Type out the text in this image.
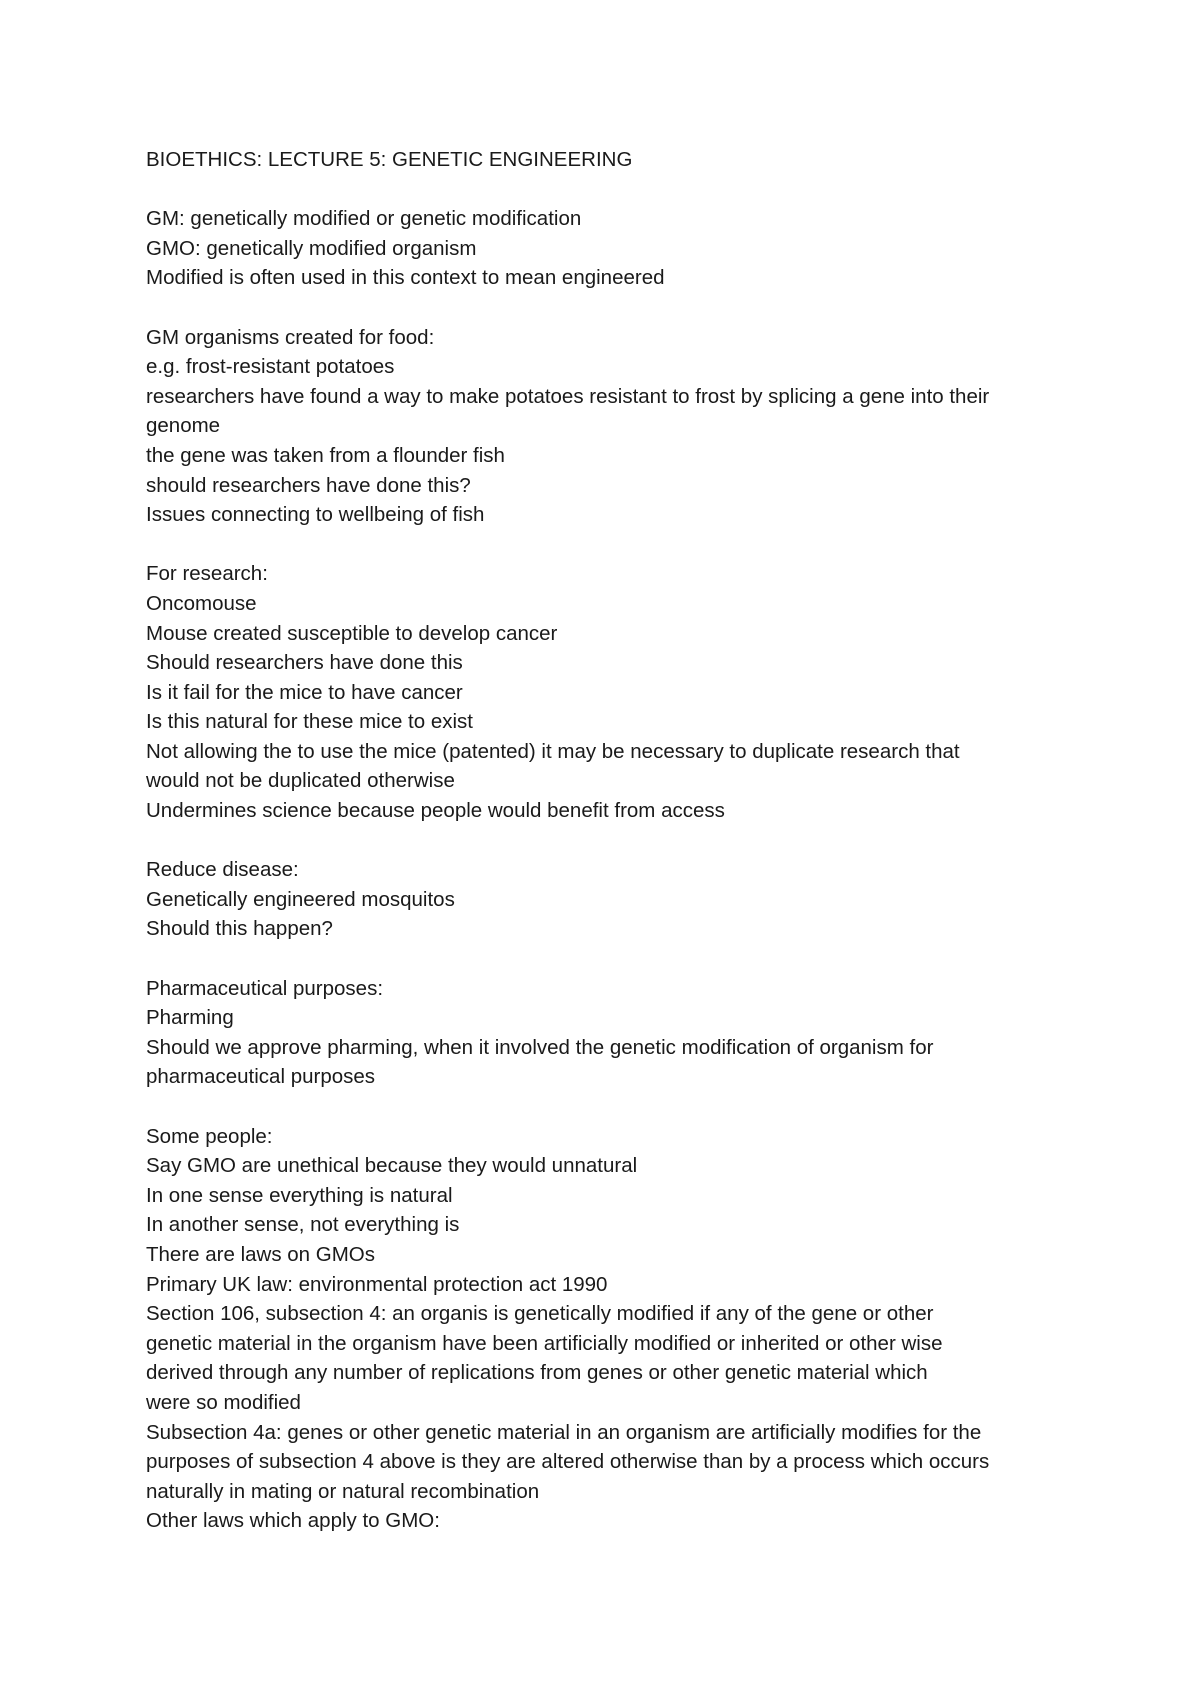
BIOETHICS: LECTURE 5: GENETIC ENGINEERING
GM: genetically modified or genetic modification
GMO: genetically modified organism
Modified is often used in this context to mean engineered
GM organisms created for food:
e.g. frost-resistant potatoes
researchers have found a way to make potatoes resistant to frost by splicing a gene into their
genome
the gene was taken from a flounder fish
should researchers have done this?
Issues connecting to wellbeing of fish
For research:
Oncomouse
Mouse created susceptible to develop cancer
Should researchers have done this
Is it fail for the mice to have cancer
Is this natural for these mice to exist
Not allowing the to use the mice (patented) it may be necessary to duplicate research that
would not be duplicated otherwise
Undermines science because people would benefit from access
Reduce disease:
Genetically engineered mosquitos
Should this happen?
Pharmaceutical purposes:
Pharming
Should we approve pharming, when it involved the genetic modification of organism for
pharmaceutical purposes
Some people:
Say GMO are unethical because they would unnatural
In one sense everything is natural
In another sense, not everything is
There are laws on GMOs
Primary UK law: environmental protection act 1990
Section 106, subsection 4: an organis is genetically modified if any of the gene or other
genetic material in the organism have been artificially modified or inherited or other wise
derived through any number of replications from genes or other genetic material which
were so modified
Subsection 4a: genes or other genetic material in an organism are artificially modifies for the
purposes of subsection 4 above is they are altered otherwise than by a process which occurs
naturally in mating or natural recombination
Other laws which apply to GMO:
